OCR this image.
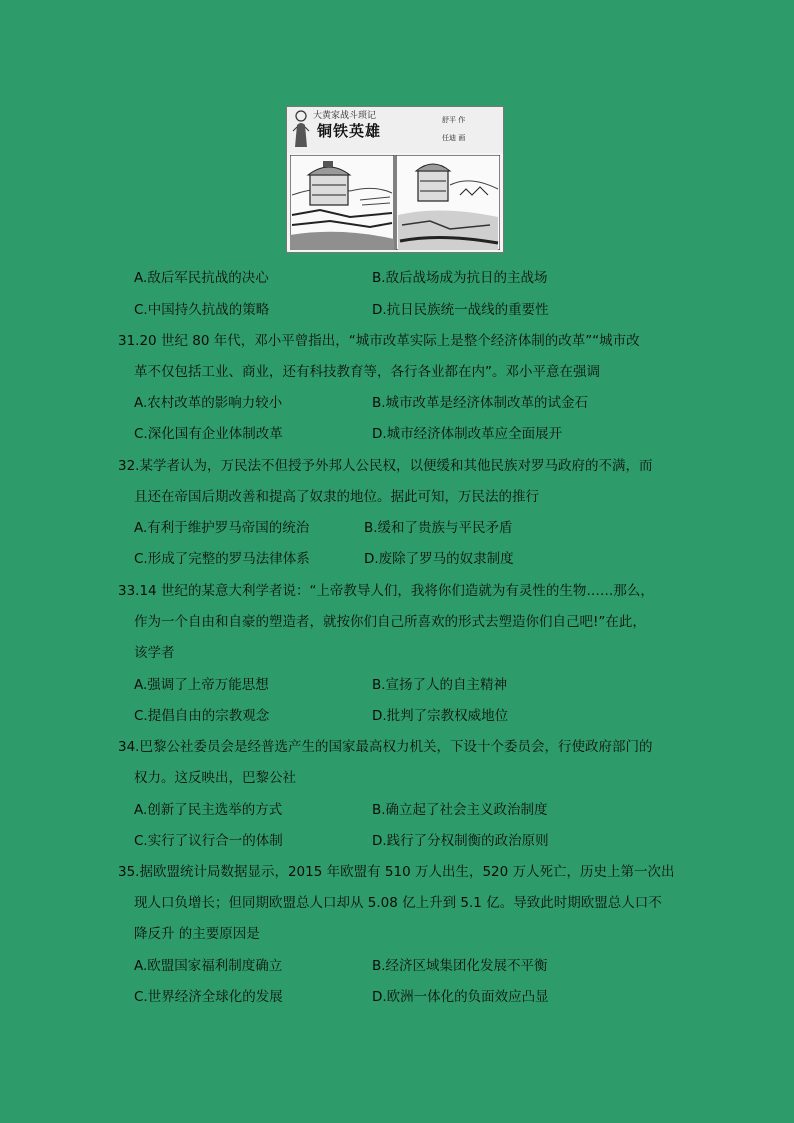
大黄家战斗琐记
铜铁英雄
舒平 作
任迪 画
A.敌后军民抗战的决心	B.敌后战场成为抗日的主战场
C.中国持久抗战的策略	D.抗日民族统一战线的重要性
31.20 世纪 80 年代，邓小平曾指出，“城市改革实际上是整个经济体制的改革”“城市改
革不仅包括工业、商业，还有科技教育等，各行各业都在内”。邓小平意在强调
A.农村改革的影响力较小	B.城市改革是经济体制改革的试金石
C.深化国有企业体制改革	D.城市经济体制改革应全面展开
32.某学者认为，万民法不但授予外邦人公民权，以便缓和其他民族对罗马政府的不满，而
且还在帝国后期改善和提高了奴隶的地位。据此可知，万民法的推行
A.有利于维护罗马帝国的统治	B.缓和了贵族与平民矛盾
C.形成了完整的罗马法律体系	D.废除了罗马的奴隶制度
33.14 世纪的某意大利学者说：“上帝教导人们，我将你们造就为有灵性的生物……那么，
作为一个自由和自豪的塑造者，就按你们自己所喜欢的形式去塑造你们自己吧!”在此，
该学者
A.强调了上帝万能思想	B.宣扬了人的自主精神
C.提倡自由的宗教观念	D.批判了宗教权威地位
34.巴黎公社委员会是经普选产生的国家最高权力机关，下设十个委员会，行使政府部门的
权力。这反映出，巴黎公社
A.创新了民主选举的方式	B.确立起了社会主义政治制度
C.实行了议行合一的体制	D.践行了分权制衡的政治原则
35.据欧盟统计局数据显示，2015 年欧盟有 510 万人出生，520 万人死亡，历史上第一次出
现人口负增长；但同期欧盟总人口却从 5.08 亿上升到 5.1 亿。导致此时期欧盟总人口不
降反升 的主要原因是
A.欧盟国家福利制度确立	B.经济区域集团化发展不平衡
C.世界经济全球化的发展	D.欧洲一体化的负面效应凸显
